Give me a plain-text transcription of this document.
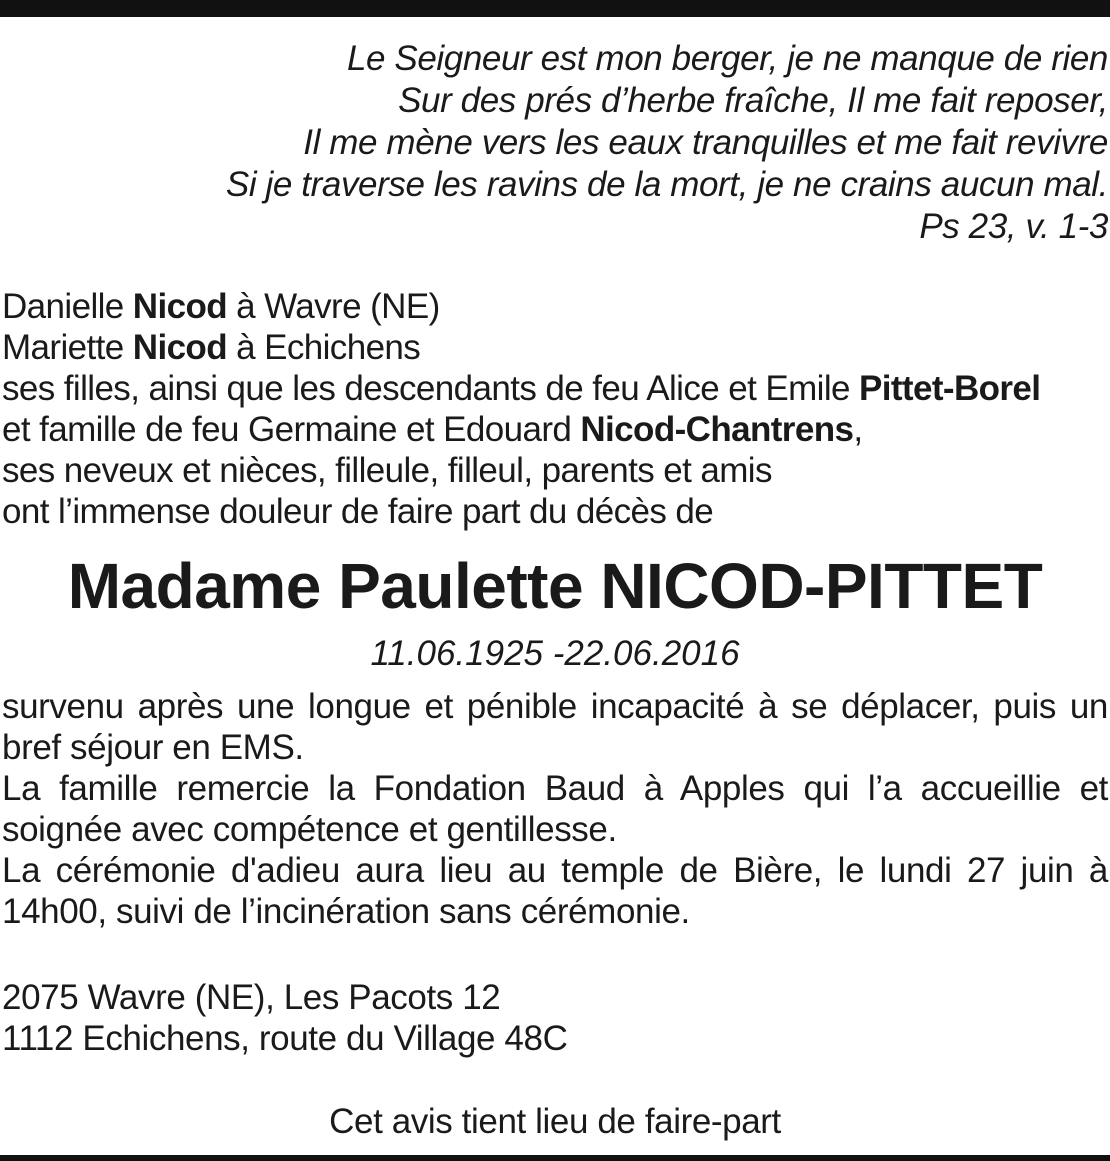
Le Seigneur est mon berger, je ne manque de rien
Sur des prés d’herbe fraîche, Il me fait reposer,
Il me mène vers les eaux tranquilles et me fait revivre
Si je traverse les ravins de la mort, je ne crains aucun mal.
Ps 23, v. 1-3
Danielle Nicod à Wavre (NE)
Mariette Nicod à Echichens
ses filles, ainsi que les descendants de feu Alice et Emile Pittet-Borel
et famille de feu Germaine et Edouard Nicod-Chantrens,
ses neveux et nièces, filleule, filleul, parents et amis
ont l’immense douleur de faire part du décès de
Madame Paulette NICOD-PITTET
11.06.1925 -22.06.2016

survenu après une longue et pénible incapacité à se déplacer, puis un bref séjour en EMS.

La famille remercie la Fondation Baud à Apples qui l’a accueillie et soignée avec compétence et gentillesse.

La cérémonie d'adieu aura lieu au temple de Bière, le lundi 27 juin à 14h00, suivi de l’incinération sans cérémonie.

2075 Wavre (NE), Les Pacots 12
1112 Echichens, route du Village 48C
Cet avis tient lieu de faire-part
